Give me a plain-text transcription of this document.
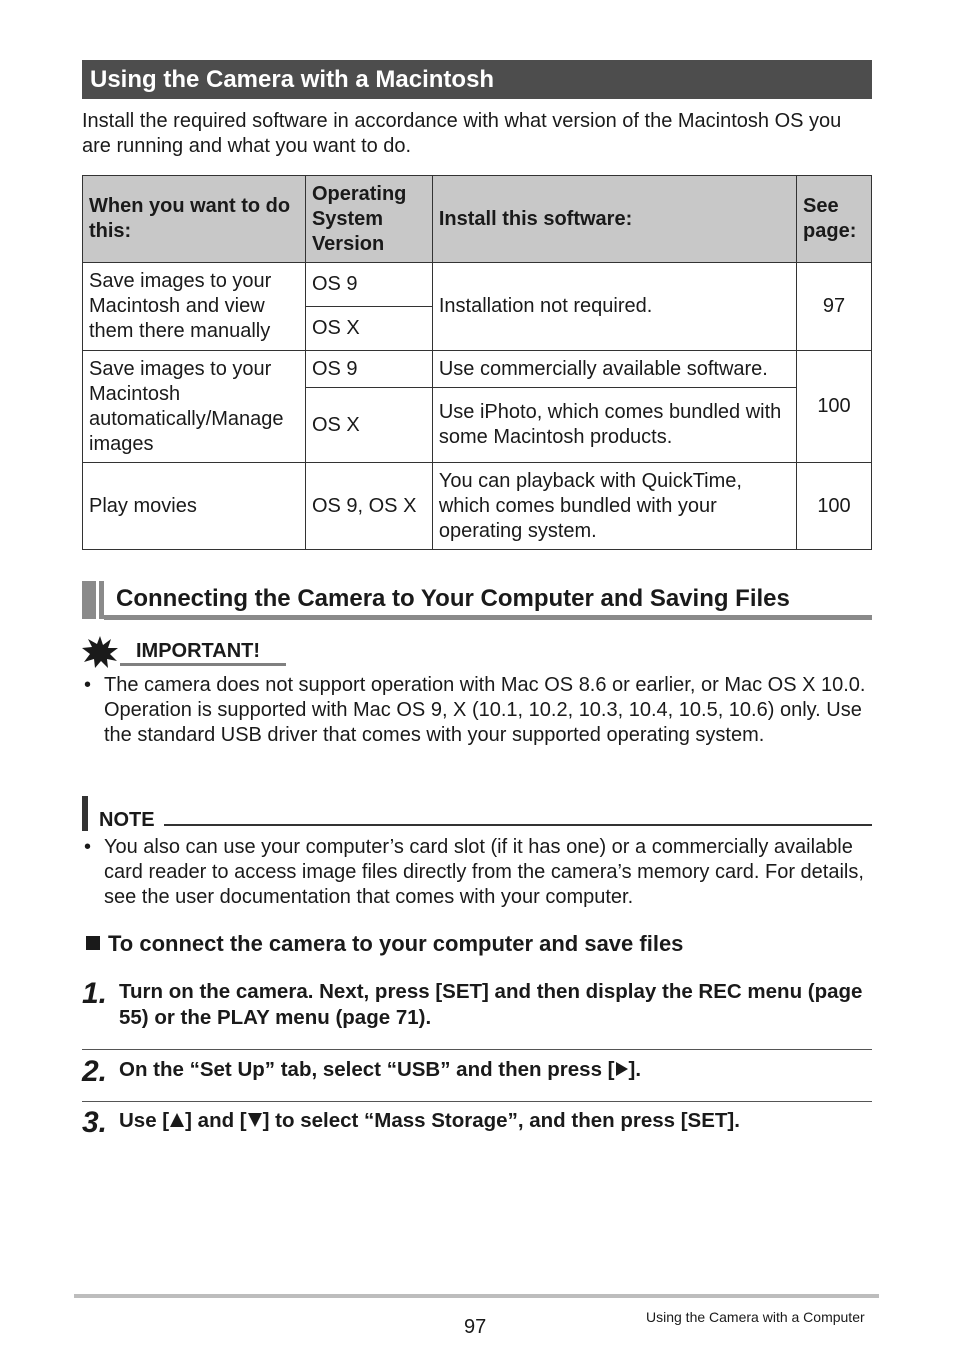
Using the Camera with a Macintosh
Install the required software in accordance with what version of the Macintosh OS you are running and what you want to do.
When you want to do this:	Operating System Version	Install this software:	See page:
Save images to your Macintosh and view them there manually	OS 9	Installation not required.	97
	OS X		
Save images to your Macintosh automatically/Manage images	OS 9	Use commercially available software.	100
	OS X	Use iPhoto, which comes bundled with some Macintosh products.	
Play movies	OS 9, OS X	You can playback with QuickTime, which comes bundled with your operating system.	100
Connecting the Camera to Your Computer and Saving Files
IMPORTANT!
• The camera does not support operation with Mac OS 8.6 or earlier, or Mac OS X 10.0. Operation is supported with Mac OS 9, X (10.1, 10.2, 10.3, 10.4, 10.5, 10.6) only. Use the standard USB driver that comes with your supported operating system.
NOTE
• You also can use your computer’s card slot (if it has one) or a commercially available card reader to access image files directly from the camera’s memory card. For details, see the user documentation that comes with your computer.
To connect the camera to your computer and save files
1. Turn on the camera. Next, press [SET] and then display the REC menu (page 55) or the PLAY menu (page 71).
2. On the “Set Up” tab, select “USB” and then press [ ].
3. Use [ ] and [ ] to select “Mass Storage”, and then press [SET].
97	Using the Camera with a Computer
